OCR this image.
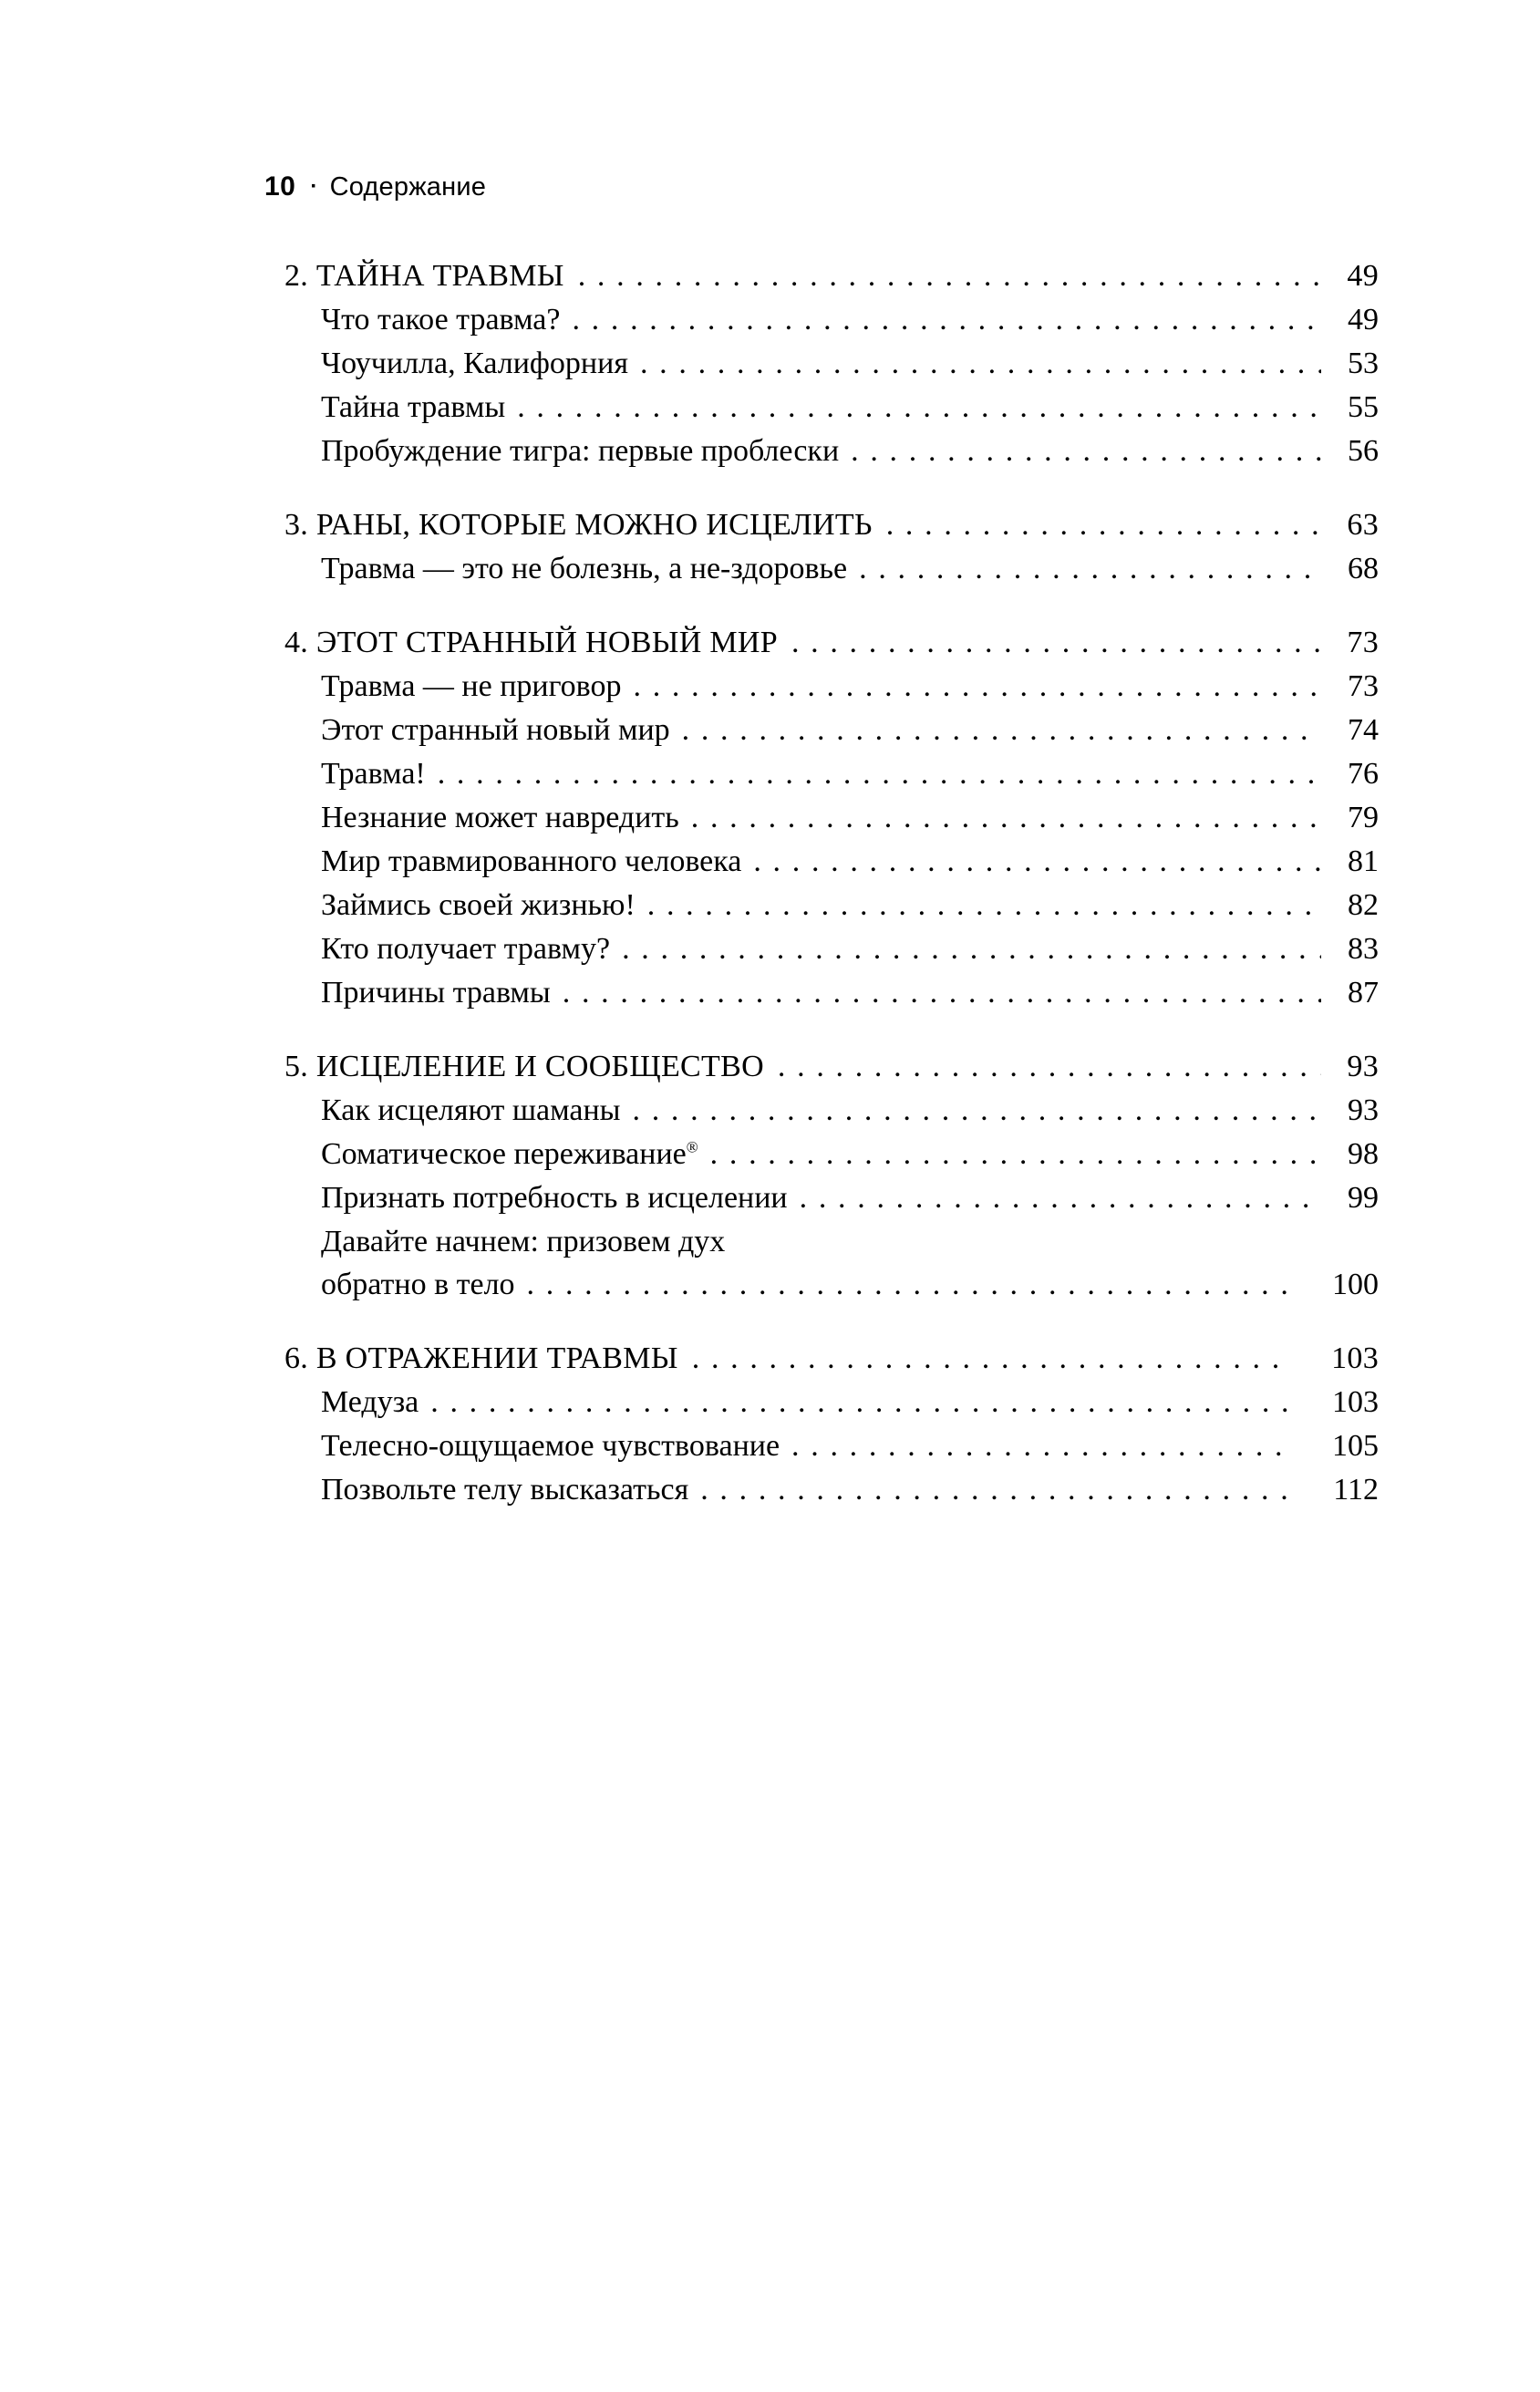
10 · Содержание
2. ТАЙНА ТРАВМЫ . . .	49
Что такое травма? . . .	49
Чоучилла, Калифорния . . .	53
Тайна травмы . . .	55
Пробуждение тигра: первые проблески . . .	56
3. РАНЫ, КОТОРЫЕ МОЖНО ИСЦЕЛИТЬ . . .	63
Травма — это не болезнь, а не-здоровье . . .	68
4. ЭТОТ СТРАННЫЙ НОВЫЙ МИР . . .	73
Травма — не приговор . . .	73
Этот странный новый мир . . .	74
Травма! . . .	76
Незнание может навредить . . .	79
Мир травмированного человека . . .	81
Займись своей жизнью! . . .	82
Кто получает травму? . . .	83
Причины травмы . . .	87
5. ИСЦЕЛЕНИЕ И СООБЩЕСТВО . . .	93
Как исцеляют шаманы . . .	93
Соматическое переживание® . . .	98
Признать потребность в исцелении . . .	99
Давайте начнем: призовем дух
обратно в тело . . .	100
6. В ОТРАЖЕНИИ ТРАВМЫ . . .	103
Медуза . . .	103
Телесно-ощущаемое чувствование . . .	105
Позвольте телу высказаться . . .	112
